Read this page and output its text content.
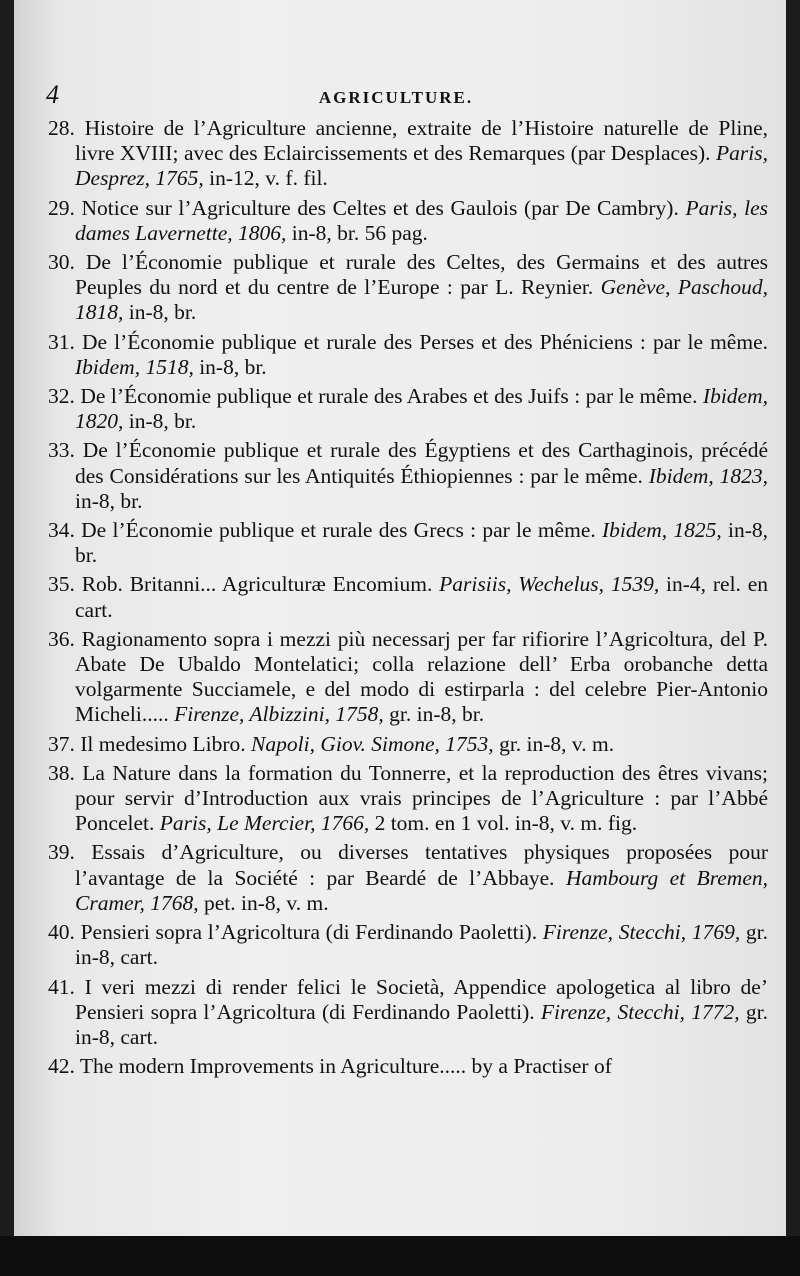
4	AGRICULTURE.

28. Histoire de l’Agriculture ancienne, extraite de l’Histoire naturelle de Pline, livre XVIII; avec des Eclaircissements et des Remarques (par Desplaces). Paris, Desprez, 1765, in-12, v. f. fil.

29. Notice sur l’Agriculture des Celtes et des Gaulois (par De Cambry). Paris, les dames Lavernette, 1806, in-8, br. 56 pag.

30. De l’Économie publique et rurale des Celtes, des Germains et des autres Peuples du nord et du centre de l’Europe : par L. Reynier. Genève, Paschoud, 1818, in-8, br.

31. De l’Économie publique et rurale des Perses et des Phéniciens : par le même. Ibidem, 1518, in-8, br.

32. De l’Économie publique et rurale des Arabes et des Juifs : par le même. Ibidem, 1820, in-8, br.

33. De l’Économie publique et rurale des Égyptiens et des Carthaginois, précédé des Considérations sur les Antiquités Éthiopiennes : par le même. Ibidem, 1823, in-8, br.

34. De l’Économie publique et rurale des Grecs : par le même. Ibidem, 1825, in-8, br.

35. Rob. Britanni... Agriculturæ Encomium. Parisiis, Wechelus, 1539, in-4, rel. en cart.

36. Ragionamento sopra i mezzi più necessarj per far rifiorire l’Agricoltura, del P. Abate De Ubaldo Montelatici; colla relazione dell’ Erba orobanche detta volgarmente Succiamele, e del modo di estirparla : del celebre Pier-Antonio Micheli..... Firenze, Albizzini, 1758, gr. in-8, br.

37. Il medesimo Libro. Napoli, Giov. Simone, 1753, gr. in-8, v. m.

38. La Nature dans la formation du Tonnerre, et la reproduction des êtres vivans; pour servir d’Introduction aux vrais principes de l’Agriculture : par l’Abbé Poncelet. Paris, Le Mercier, 1766, 2 tom. en 1 vol. in-8, v. m. fig.

39. Essais d’Agriculture, ou diverses tentatives physiques proposées pour l’avantage de la Société : par Beardé de l’Abbaye. Hambourg et Bremen, Cramer, 1768, pet. in-8, v. m.

40. Pensieri sopra l’Agricoltura (di Ferdinando Paoletti). Firenze, Stecchi, 1769, gr. in-8, cart.

41. I veri mezzi di render felici le Società, Appendice apologetica al libro de’ Pensieri sopra l’Agricoltura (di Ferdinando Paoletti). Firenze, Stecchi, 1772, gr. in-8, cart.

42. The modern Improvements in Agriculture..... by a Practiser of
